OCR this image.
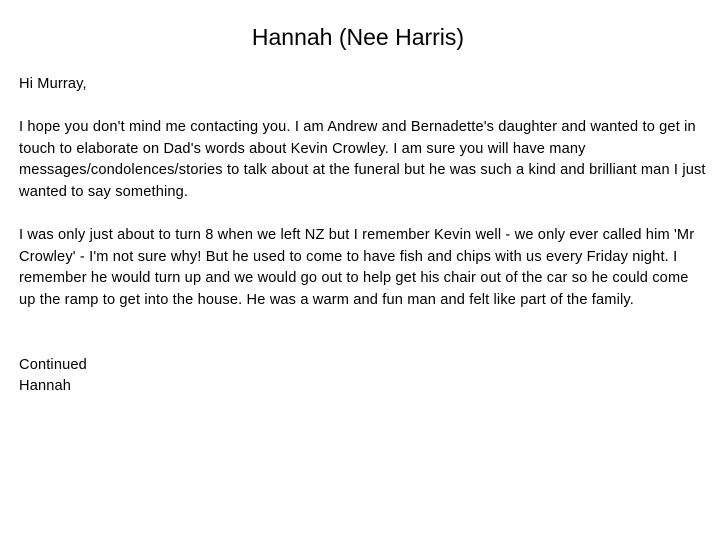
Hannah (Nee Harris)

Hi Murray,

I hope you don't mind me contacting you. I am Andrew and Bernadette's daughter and wanted to get in touch to elaborate on Dad's words about Kevin Crowley. I am sure you will have many messages/condolences/stories to talk about at the funeral but he was such a kind and brilliant man I just wanted to say something.

I was only just about to turn 8 when we left NZ but I remember Kevin well - we only ever called him 'Mr Crowley' - I'm not sure why! But he used to come to have fish and chips with us every Friday night. I remember he would turn up and we would go out to help get his chair out of the car so he could come up the ramp to get into the house. He was a warm and fun man and felt like part of the family.

Continued
Hannah
